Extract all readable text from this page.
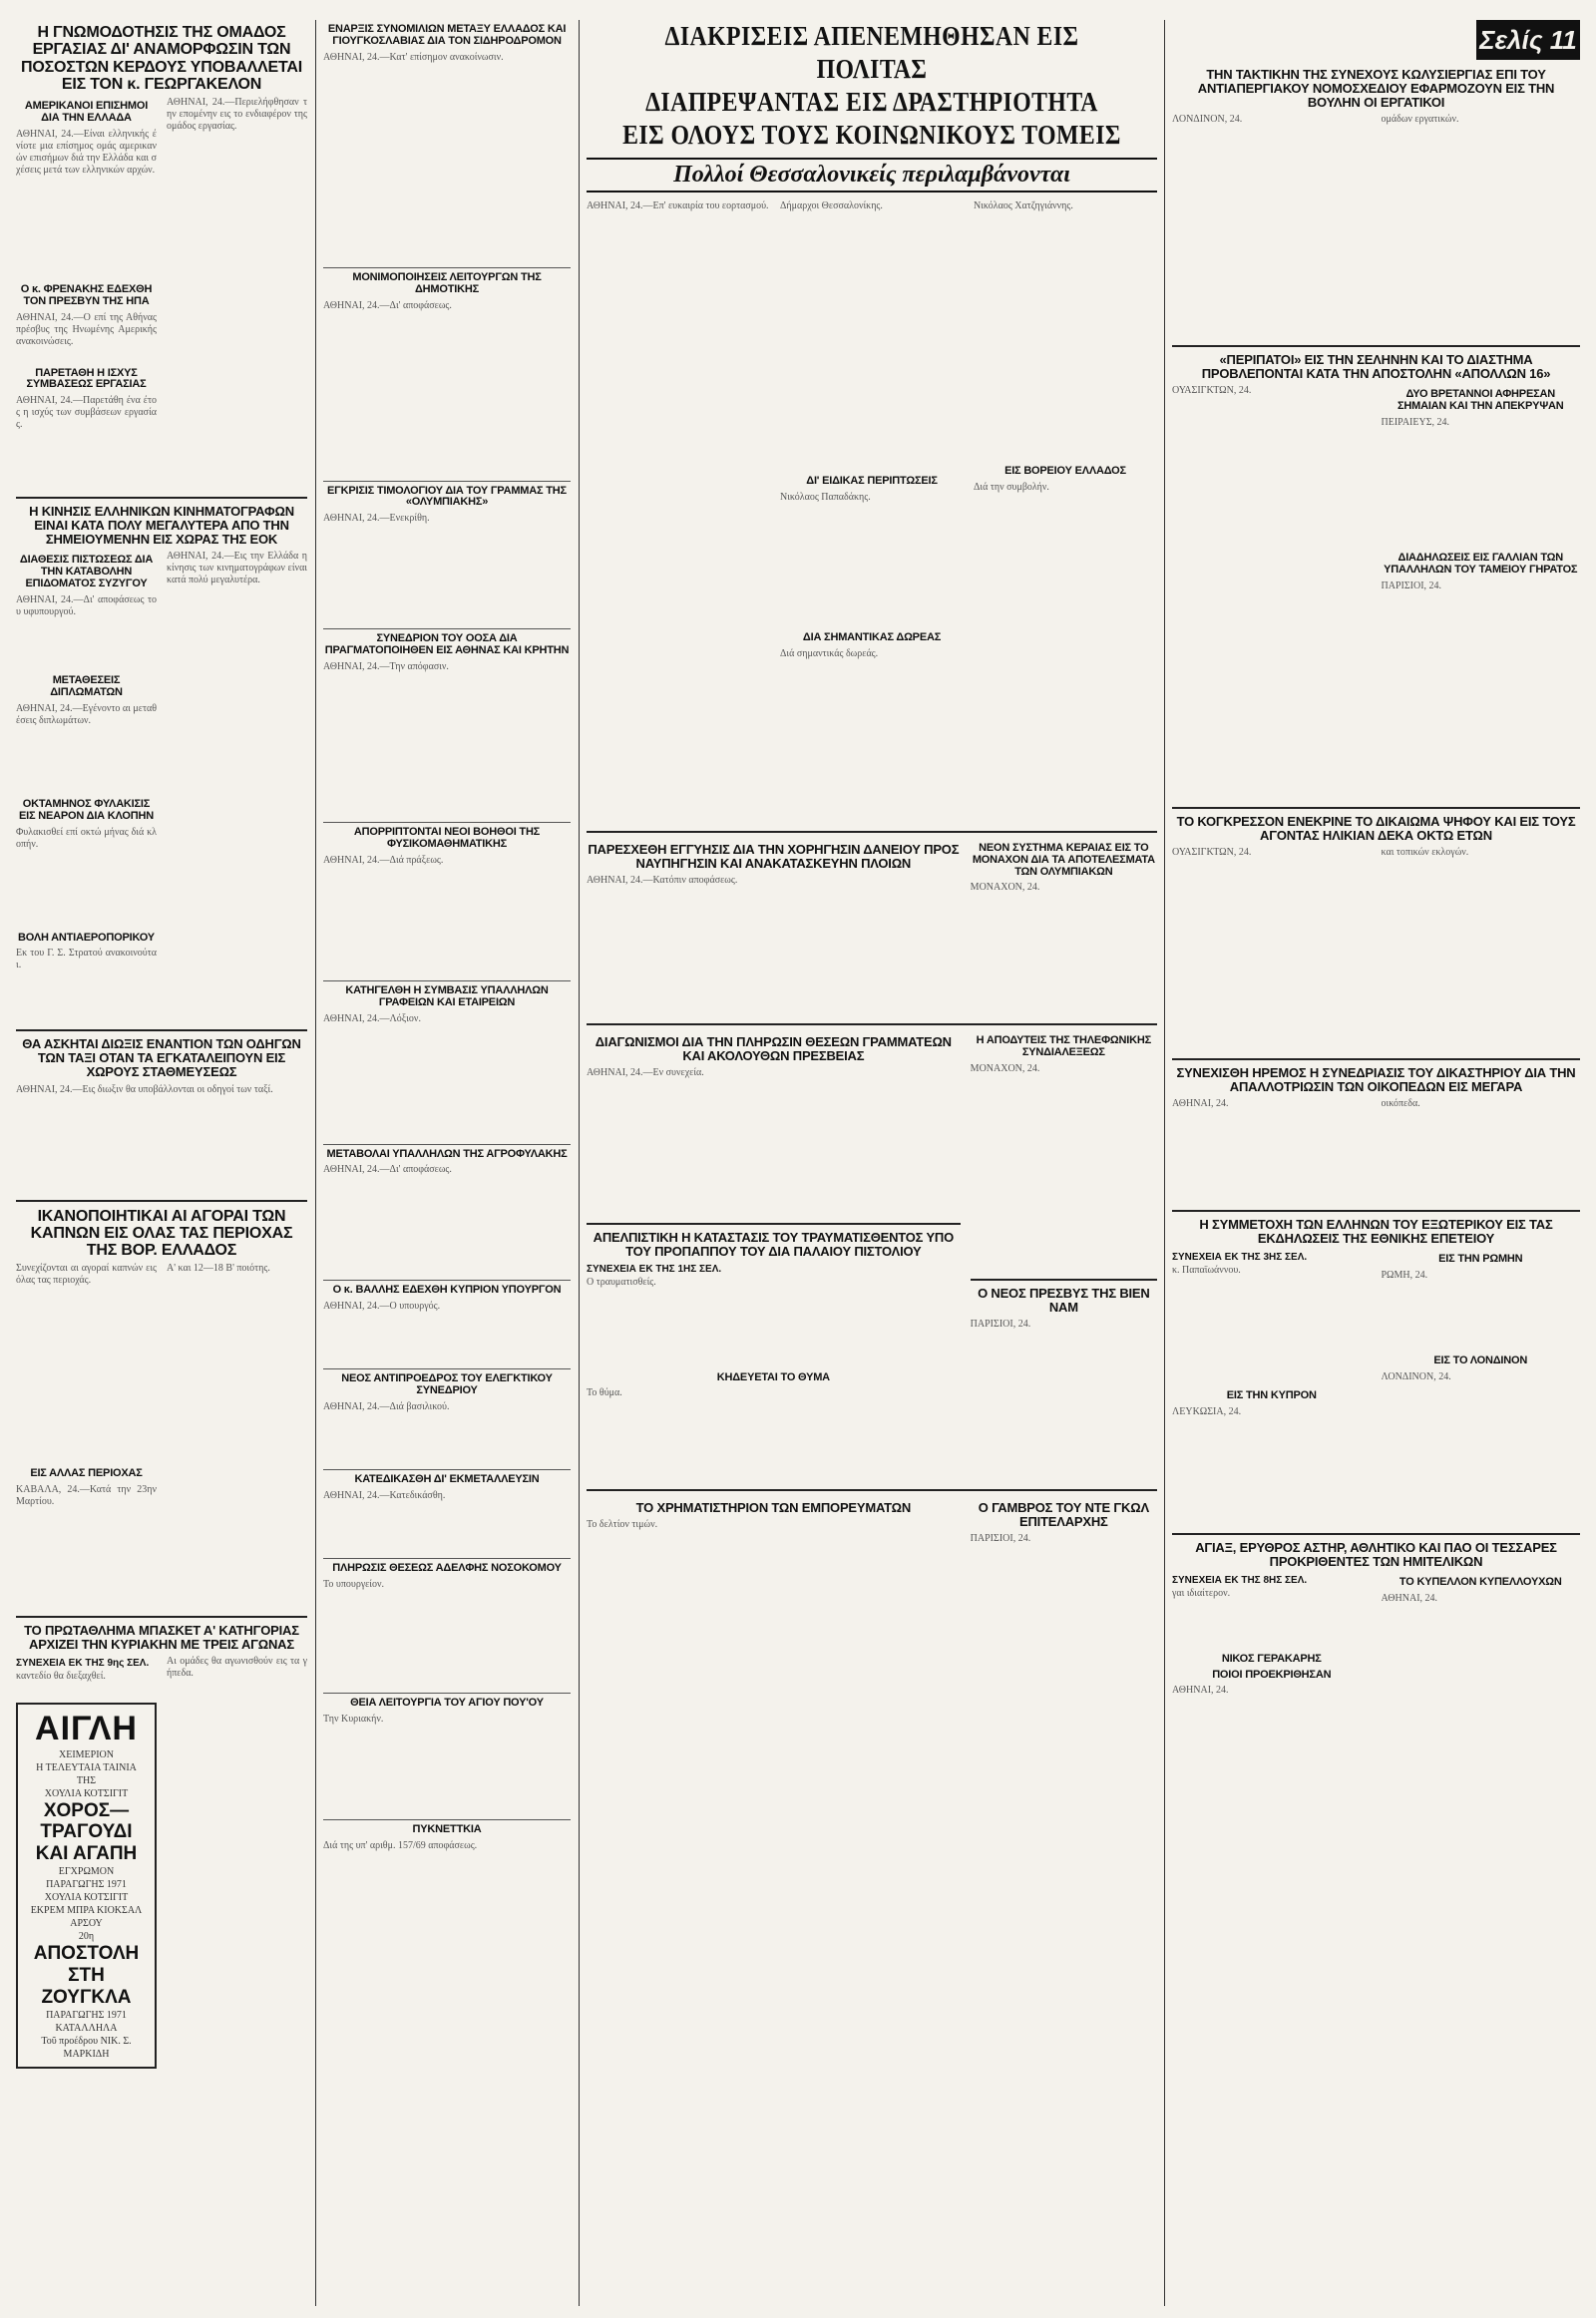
Η ΓΝΩΜΟΔΟΤΗΣΙΣ ΤΗΣ ΟΜΑΔΟΣ ΕΡΓΑΣΙΑΣ ΔΙ' ΑΝΑΜΟΡΦΩΣΙΝ ΤΩΝ ΠΟΣΟΣΤΩΝ ΚΕΡΔΟΥΣ ΥΠΟΒΑΛΛΕΤΑΙ ΕΙΣ ΤΟΝ κ. ΓΕΩΡΓΑΚΕΛΟΝ
ΑΜΕΡΙΚΑΝΟΙ ΕΠΙΣΗΜΟΙ ΔΙΑ ΤΗΝ ΕΛΛΑΔΑ
ΑΘΗΝΑΙ, 24.—Είναι ελληνικής ένίοτε μια επίσημος ομάς αμερικανών επισήμων διά την Ελλάδα και σχέσεις μετά των ελληνικών αρχών.
Ο κ. ΦΡΕΝΑΚΗΣ ΕΔΕΧΘΗ ΤΟΝ ΠΡΕΣΒΥΝ ΤΗΣ ΗΠΑ
ΑΘΗΝΑΙ, 24.—Ο επί της Αθήνας πρέσβυς της Ηνωμένης Αμερικής ανακοινώσεις.
ΠΑΡΕΤΑΘΗ Η ΙΣΧΥΣ ΣΥΜΒΑΣΕΩΣ ΕΡΓΑΣΙΑΣ
ΑΘΗΝΑΙ, 24.—Παρετάθη ένα έτος η ισχύς των συμβάσεων εργασίας.
ΑΘΗΝΑΙ, 24.—Περιελήφθησαν την επομένην εις το ενδιαφέρον της ομάδος εργασίας.
Η ΚΙΝΗΣΙΣ ΕΛΛΗΝΙΚΩΝ ΚΙΝΗΜΑΤΟΓΡΑΦΩΝ ΕΙΝΑΙ ΚΑΤΑ ΠΟΛΥ ΜΕΓΑΛΥΤΕΡΑ ΑΠΟ ΤΗΝ ΣΗΜΕΙΟΥΜΕΝΗΝ ΕΙΣ ΧΩΡΑΣ ΤΗΣ ΕΟΚ
ΔΙΑΘΕΣΙΣ ΠΙΣΤΩΣΕΩΣ ΔΙΑ ΤΗΝ ΚΑΤΑΒΟΛΗΝ ΕΠΙΔΟΜΑΤΟΣ ΣΥΖΥΓΟΥ
ΑΘΗΝΑΙ, 24.—Δι' αποφάσεως του υφυπουργού.
ΜΕΤΑΘΕΣΕΙΣ ΔΙΠΛΩΜΑΤΩΝ
ΑΘΗΝΑΙ, 24.—Εγένοντο αι μεταθέσεις διπλωμάτων.
ΟΚΤΑΜΗΝΟΣ ΦΥΛΑΚΙΣΙΣ ΕΙΣ ΝΕΑΡΟΝ ΔΙΑ ΚΛΟΠΗΝ
Φυλακισθεί επί οκτώ μήνας διά κλοπήν.
ΒΟΛΗ ΑΝΤΙΑΕΡΟΠΟΡΙΚΟΥ
Εκ του Γ. Σ. Στρατού ανακοινούται.
ΑΘΗΝΑΙ, 24.—Εις την Ελλάδα η κίνησις των κινηματογράφων είναι κατά πολύ μεγαλυτέρα.
ΘΑ ΑΣΚΗΤΑΙ ΔΙΩΞΙΣ ΕΝΑΝΤΙΟΝ ΤΩΝ ΟΔΗΓΩΝ ΤΩΝ ΤΑΞΙ ΟΤΑΝ ΤΑ ΕΓΚΑΤΑΛΕΙΠΟΥΝ ΕΙΣ ΧΩΡΟΥΣ ΣΤΑΘΜΕΥΣΕΩΣ
ΑΘΗΝΑΙ, 24.—Εις διωξιν θα υποβάλλονται οι οδηγοί των ταξί.
ΙΚΑΝΟΠΟΙΗΤΙΚΑΙ ΑΙ ΑΓΟΡΑΙ ΤΩΝ ΚΑΠΝΩΝ ΕΙΣ ΟΛΑΣ ΤΑΣ ΠΕΡΙΟΧΑΣ ΤΗΣ ΒΟΡ. ΕΛΛΑΔΟΣ
Συνεχίζονται αι αγοραί καπνών εις όλας τας περιοχάς.
ΕΙΣ ΑΛΛΑΣ ΠΕΡΙΟΧΑΣ
ΚΑΒΑΛΑ, 24.—Κατά την 23ην Μαρτίου.
Α' και 12—18 Β' ποιότης.
ΤΟ ΠΡΩΤΑΘΛΗΜΑ ΜΠΑΣΚΕΤ Α' ΚΑΤΗΓΟΡΙΑΣ ΑΡΧΙΖΕΙ ΤΗΝ ΚΥΡΙΑΚΗΝ ΜΕ ΤΡΕΙΣ ΑΓΩΝΑΣ
ΣΥΝΕΧΕΙΑ ΕΚ ΤΗΣ 9ης ΣΕΛ.
καντεδίο θα διεξαχθεί.
ΑΙΓΛΗ
ΧΕΙΜΕΡΙΟΝ
Η ΤΕΛΕΥΤΑΙΑ ΤΑΙΝΙΑ ΤΗΣ
ΧΟΥΛΙΑ ΚΟΤΣΙΓΙΤ
ΧΟΡΟΣ—ΤΡΑΓΟΥΔΙ ΚΑΙ ΑΓΑΠΗ
ΕΓΧΡΩΜΟΝ
ΠΑΡΑΓΩΓΗΣ 1971
ΧΟΥΛΙΑ ΚΟΤΣΙΓΙΤ
ΕΚΡΕΜ ΜΠΡΑ ΚΙΟΚΣΑΛ ΑΡΣΟΥ
20η
ΑΠΟΣΤΟΛΗ ΣΤΗ ΖΟΥΓΚΛΑ
ΠΑΡΑΓΩΓΗΣ 1971
ΚΑΤΑΛΛΗΛΑ
Τοῦ προέδρου ΝΙΚ. Σ. ΜΑΡΚΙΔΗ
Αι ομάδες θα αγωνισθούν εις τα γήπεδα.
ΕΝΑΡΞΙΣ ΣΥΝΟΜΙΛΙΩΝ ΜΕΤΑΞΥ ΕΛΛΑΔΟΣ ΚΑΙ ΓΙΟΥΓΚΟΣΛΑΒΙΑΣ ΔΙΑ ΤΟΝ ΣΙΔΗΡΟΔΡΟΜΟΝ
ΑΘΗΝΑΙ, 24.—Κατ' επίσημον ανακοίνωσιν.
ΜΟΝΙΜΟΠΟΙΗΣΕΙΣ ΛΕΙΤΟΥΡΓΩΝ ΤΗΣ ΔΗΜΟΤΙΚΗΣ
ΑΘΗΝΑΙ, 24.—Δι' αποφάσεως.
ΕΓΚΡΙΣΙΣ ΤΙΜΟΛΟΓΙΟΥ ΔΙΑ ΤΟΥ ΓΡΑΜΜΑΣ ΤΗΣ «ΟΛΥΜΠΙΑΚΗΣ»
ΑΘΗΝΑΙ, 24.—Ενεκρίθη.
ΣΥΝΕΔΡΙΟΝ ΤΟΥ ΟΟΣΑ ΔΙΑ ΠΡΑΓΜΑΤΟΠΟΙΗΘΕΝ ΕΙΣ ΑΘΗΝΑΣ ΚΑΙ ΚΡΗΤΗΝ
ΑΘΗΝΑΙ, 24.—Την απόφασιν.
ΑΠΟΡΡΙΠΤΟΝΤΑΙ ΝΕΟΙ ΒΟΗΘΟΙ ΤΗΣ ΦΥΣΙΚΟΜΑΘΗΜΑΤΙΚΗΣ
ΑΘΗΝΑΙ, 24.—Διά πράξεως.
ΚΑΤΗΓΕΛΘΗ Η ΣΥΜΒΑΣΙΣ ΥΠΑΛΛΗΛΩΝ ΓΡΑΦΕΙΩΝ ΚΑΙ ΕΤΑΙΡΕΙΩΝ
ΑΘΗΝΑΙ, 24.—Λόξιον.
ΜΕΤΑΒΟΛΑΙ ΥΠΑΛΛΗΛΩΝ ΤΗΣ ΑΓΡΟΦΥΛΑΚΗΣ
ΑΘΗΝΑΙ, 24.—Δι' αποφάσεως.
Ο κ. ΒΑΛΛΗΣ ΕΔΕΧΘΗ ΚΥΠΡΙΟΝ ΥΠΟΥΡΓΟΝ
ΑΘΗΝΑΙ, 24.—Ο υπουργός.
ΝΕΟΣ ΑΝΤΙΠΡΟΕΔΡΟΣ ΤΟΥ ΕΛΕΓΚΤΙΚΟΥ ΣΥΝΕΔΡΙΟΥ
ΑΘΗΝΑΙ, 24.—Διά βασιλικού.
ΚΑΤΕΔΙΚΑΣΘΗ ΔΙ' ΕΚΜΕΤΑΛΛΕΥΣΙΝ
ΑΘΗΝΑΙ, 24.—Κατεδικάσθη.
ΠΛΗΡΩΣΙΣ ΘΕΣΕΩΣ ΑΔΕΛΦΗΣ ΝΟΣΟΚΟΜΟΥ
Το υπουργείον.
ΘΕΙΑ ΛΕΙΤΟΥΡΓΙΑ ΤΟΥ ΑΓΙΟΥ ΠΟΥ'ΟΥ
Την Κυριακήν.
ΠΥΚΝΕΤΤΚΙΑ
Διά της υπ' αριθμ. 157/69 αποφάσεως.
ΔΙΑΚΡΙΣΕΙΣ ΑΠΕΝΕΜΗΘΗΣΑΝ ΕΙΣ ΠΟΛΙΤΑΣ
ΔΙΑΠΡΕΨΑΝΤΑΣ ΕΙΣ ΔΡΑΣΤΗΡΙΟΤΗΤΑ
ΕΙΣ ΟΛΟΥΣ ΤΟΥΣ ΚΟΙΝΩΝΙΚΟΥΣ ΤΟΜΕΙΣ
Πολλοί Θεσσαλονικείς περιλαμβάνονται
ΑΘΗΝΑΙ, 24.—Επ' ευκαιρία του εορτασμού. Δήμαρχοι Θεσσαλονίκης.
ΔΙ' ΕΙΔΙΚΑΣ ΠΕΡΙΠΤΩΣΕΙΣ
Νικόλαος Παπαδάκης.
ΔΙΑ ΣΗΜΑΝΤΙΚΑΣ ΔΩΡΕΑΣ
Διά σημαντικάς δωρεάς.
Νικόλαος Χατζηγιάννης.
ΕΙΣ ΒΟΡΕΙΟΥ ΕΛΛΑΔΟΣ
Διά την συμβολήν.
ΠΑΡΕΣΧΕΘΗ ΕΓΓΥΗΣΙΣ ΔΙΑ ΤΗΝ ΧΟΡΗΓΗΣΙΝ ΔΑΝΕΙΟΥ ΠΡΟΣ ΝΑΥΠΗΓΗΣΙΝ ΚΑΙ ΑΝΑΚΑΤΑΣΚΕΥΗΝ ΠΛΟΙΩΝ
ΑΘΗΝΑΙ, 24.—Κατόπιν αποφάσεως.
ΝΕΟΝ ΣΥΣΤΗΜΑ ΚΕΡΑΙΑΣ ΕΙΣ ΤΟ ΜΟΝΑΧΟΝ ΔΙΑ ΤΑ ΑΠΟΤΕΛΕΣΜΑΤΑ ΤΩΝ ΟΛΥΜΠΙΑΚΩΝ
ΜΟΝΑΧΟΝ, 24.
ΔΙΑΓΩΝΙΣΜΟΙ ΔΙΑ ΤΗΝ ΠΛΗΡΩΣΙΝ ΘΕΣΕΩΝ ΓΡΑΜΜΑΤΕΩΝ ΚΑΙ ΑΚΟΛΟΥΘΩΝ ΠΡΕΣΒΕΙΑΣ
ΑΘΗΝΑΙ, 24.—Εν συνεχεία.
ΑΠΕΛΠΙΣΤΙΚΗ Η ΚΑΤΑΣΤΑΣΙΣ ΤΟΥ ΤΡΑΥΜΑΤΙΣΘΕΝΤΟΣ ΥΠΟ ΤΟΥ ΠΡΟΠΑΠΠΟΥ ΤΟΥ ΔΙΑ ΠΑΛΑΙΟΥ ΠΙΣΤΟΛΙΟΥ
ΣΥΝΕΧΕΙΑ ΕΚ ΤΗΣ 1ΗΣ ΣΕΛ.
Ο τραυματισθείς.
ΚΗΔΕΥΕΤΑΙ ΤΟ ΘΥΜΑ
Το θύμα.
Η ΑΠΟΔΥΤΕΙΣ ΤΗΣ ΤΗΛΕΦΩΝΙΚΗΣ ΣΥΝΔΙΑΛΕΞΕΩΣ
ΜΟΝΑΧΟΝ, 24.
Ο ΝΕΟΣ ΠΡΕΣΒΥΣ ΤΗΣ ΒΙΕΝ ΝΑΜ
ΠΑΡΙΣΙΟΙ, 24.
ΤΟ ΧΡΗΜΑΤΙΣΤΗΡΙΟΝ ΤΩΝ ΕΜΠΟΡΕΥΜΑΤΩΝ
Το δελτίον τιμών.
Ο ΓΑΜΒΡΟΣ ΤΟΥ ΝΤΕ ΓΚΩΛ ΕΠΙΤΕΛΑΡΧΗΣ
ΠΑΡΙΣΙΟΙ, 24.
Σελίς 11
ΤΗΝ ΤΑΚΤΙΚΗΝ ΤΗΣ ΣΥΝΕΧΟΥΣ ΚΩΛΥΣΙΕΡΓΙΑΣ ΕΠΙ ΤΟΥ ΑΝΤΙΑΠΕΡΓΙΑΚΟΥ ΝΟΜΟΣΧΕΔΙΟΥ ΕΦΑΡΜΟΖΟΥΝ ΕΙΣ ΤΗΝ ΒΟΥΛΗΝ ΟΙ ΕΡΓΑΤΙΚΟΙ
ΛΟΝΔΙΝΟΝ, 24.	ομάδων εργατικών.
«ΠΕΡΙΠΑΤΟΙ» ΕΙΣ ΤΗΝ ΣΕΛΗΝΗΝ ΚΑΙ ΤΟ ΔΙΑΣΤΗΜΑ ΠΡΟΒΛΕΠΟΝΤΑΙ ΚΑΤΑ ΤΗΝ ΑΠΟΣΤΟΛΗΝ «ΑΠΟΛΛΩΝ 16»
ΟΥΑΣΙΓΚΤΩΝ, 24.	ΔΥΟ ΒΡΕΤΑΝΝΟΙ ΑΦΗΡΕΣΑΝ ΣΗΜΑΙΑΝ ΚΑΙ ΤΗΝ ΑΠΕΚΡΥΨΑΝ
ΠΕΙΡΑΙΕΥΣ, 24.
ΔΙΑΔΗΛΩΣΕΙΣ ΕΙΣ ΓΑΛΛΙΑΝ ΤΩΝ ΥΠΑΛΛΗΛΩΝ ΤΟΥ ΤΑΜΕΙΟΥ ΓΗΡΑΤΟΣ
ΠΑΡΙΣΙΟΙ, 24.
ΤΟ ΚΟΓΚΡΕΣΣΟΝ ΕΝΕΚΡΙΝΕ ΤΟ ΔΙΚΑΙΩΜΑ ΨΗΦΟΥ ΚΑΙ ΕΙΣ ΤΟΥΣ ΑΓΟΝΤΑΣ ΗΛΙΚΙΑΝ ΔΕΚΑ ΟΚΤΩ ΕΤΩΝ
ΟΥΑΣΙΓΚΤΩΝ, 24.	και τοπικών εκλογών.
ΣΥΝΕΧΙΣΘΗ ΗΡΕΜΟΣ Η ΣΥΝΕΔΡΙΑΣΙΣ ΤΟΥ ΔΙΚΑΣΤΗΡΙΟΥ ΔΙΑ ΤΗΝ ΑΠΑΛΛΟΤΡΙΩΣΙΝ ΤΩΝ ΟΙΚΟΠΕΔΩΝ ΕΙΣ ΜΕΓΑΡΑ
ΑΘΗΝΑΙ, 24.	οικόπεδα.
Η ΣΥΜΜΕΤΟΧΗ ΤΩΝ ΕΛΛΗΝΩΝ ΤΟΥ ΕΞΩΤΕΡΙΚΟΥ ΕΙΣ ΤΑΣ ΕΚΔΗΛΩΣΕΙΣ ΤΗΣ ΕΘΝΙΚΗΣ ΕΠΕΤΕΙΟΥ
ΣΥΝΕΧΕΙΑ ΕΚ ΤΗΣ 3ΗΣ ΣΕΛ.
κ. Παπαϊωάννου.
ΕΙΣ ΤΗΝ ΚΥΠΡΟΝ
ΛΕΥΚΩΣΙΑ, 24.
ΕΙΣ ΤΗΝ ΡΩΜΗΝ
ΡΩΜΗ, 24.
ΕΙΣ ΤΟ ΛΟΝΔΙΝΟΝ
ΛΟΝΔΙΝΟΝ, 24.
ΑΓΙΑΞ, ΕΡΥΘΡΟΣ ΑΣΤΗΡ, ΑΘΛΗΤΙΚΟ ΚΑΙ ΠΑΟ ΟΙ ΤΕΣΣΑΡΕΣ ΠΡΟΚΡΙΘΕΝΤΕΣ ΤΩΝ ΗΜΙΤΕΛΙΚΩΝ
ΣΥΝΕΧΕΙΑ ΕΚ ΤΗΣ 8ΗΣ ΣΕΛ.
γαι ιδιαίτερον.
ΝΙΚΟΣ ΓΕΡΑΚΑΡΗΣ
ΠΟΙΟΙ ΠΡΟΕΚΡΙΘΗΣΑΝ
ΑΘΗΝΑΙ, 24.
ΤΟ ΚΥΠΕΛΛΟΝ ΚΥΠΕΛΛΟΥΧΩΝ
ΑΘΗΝΑΙ, 24.
